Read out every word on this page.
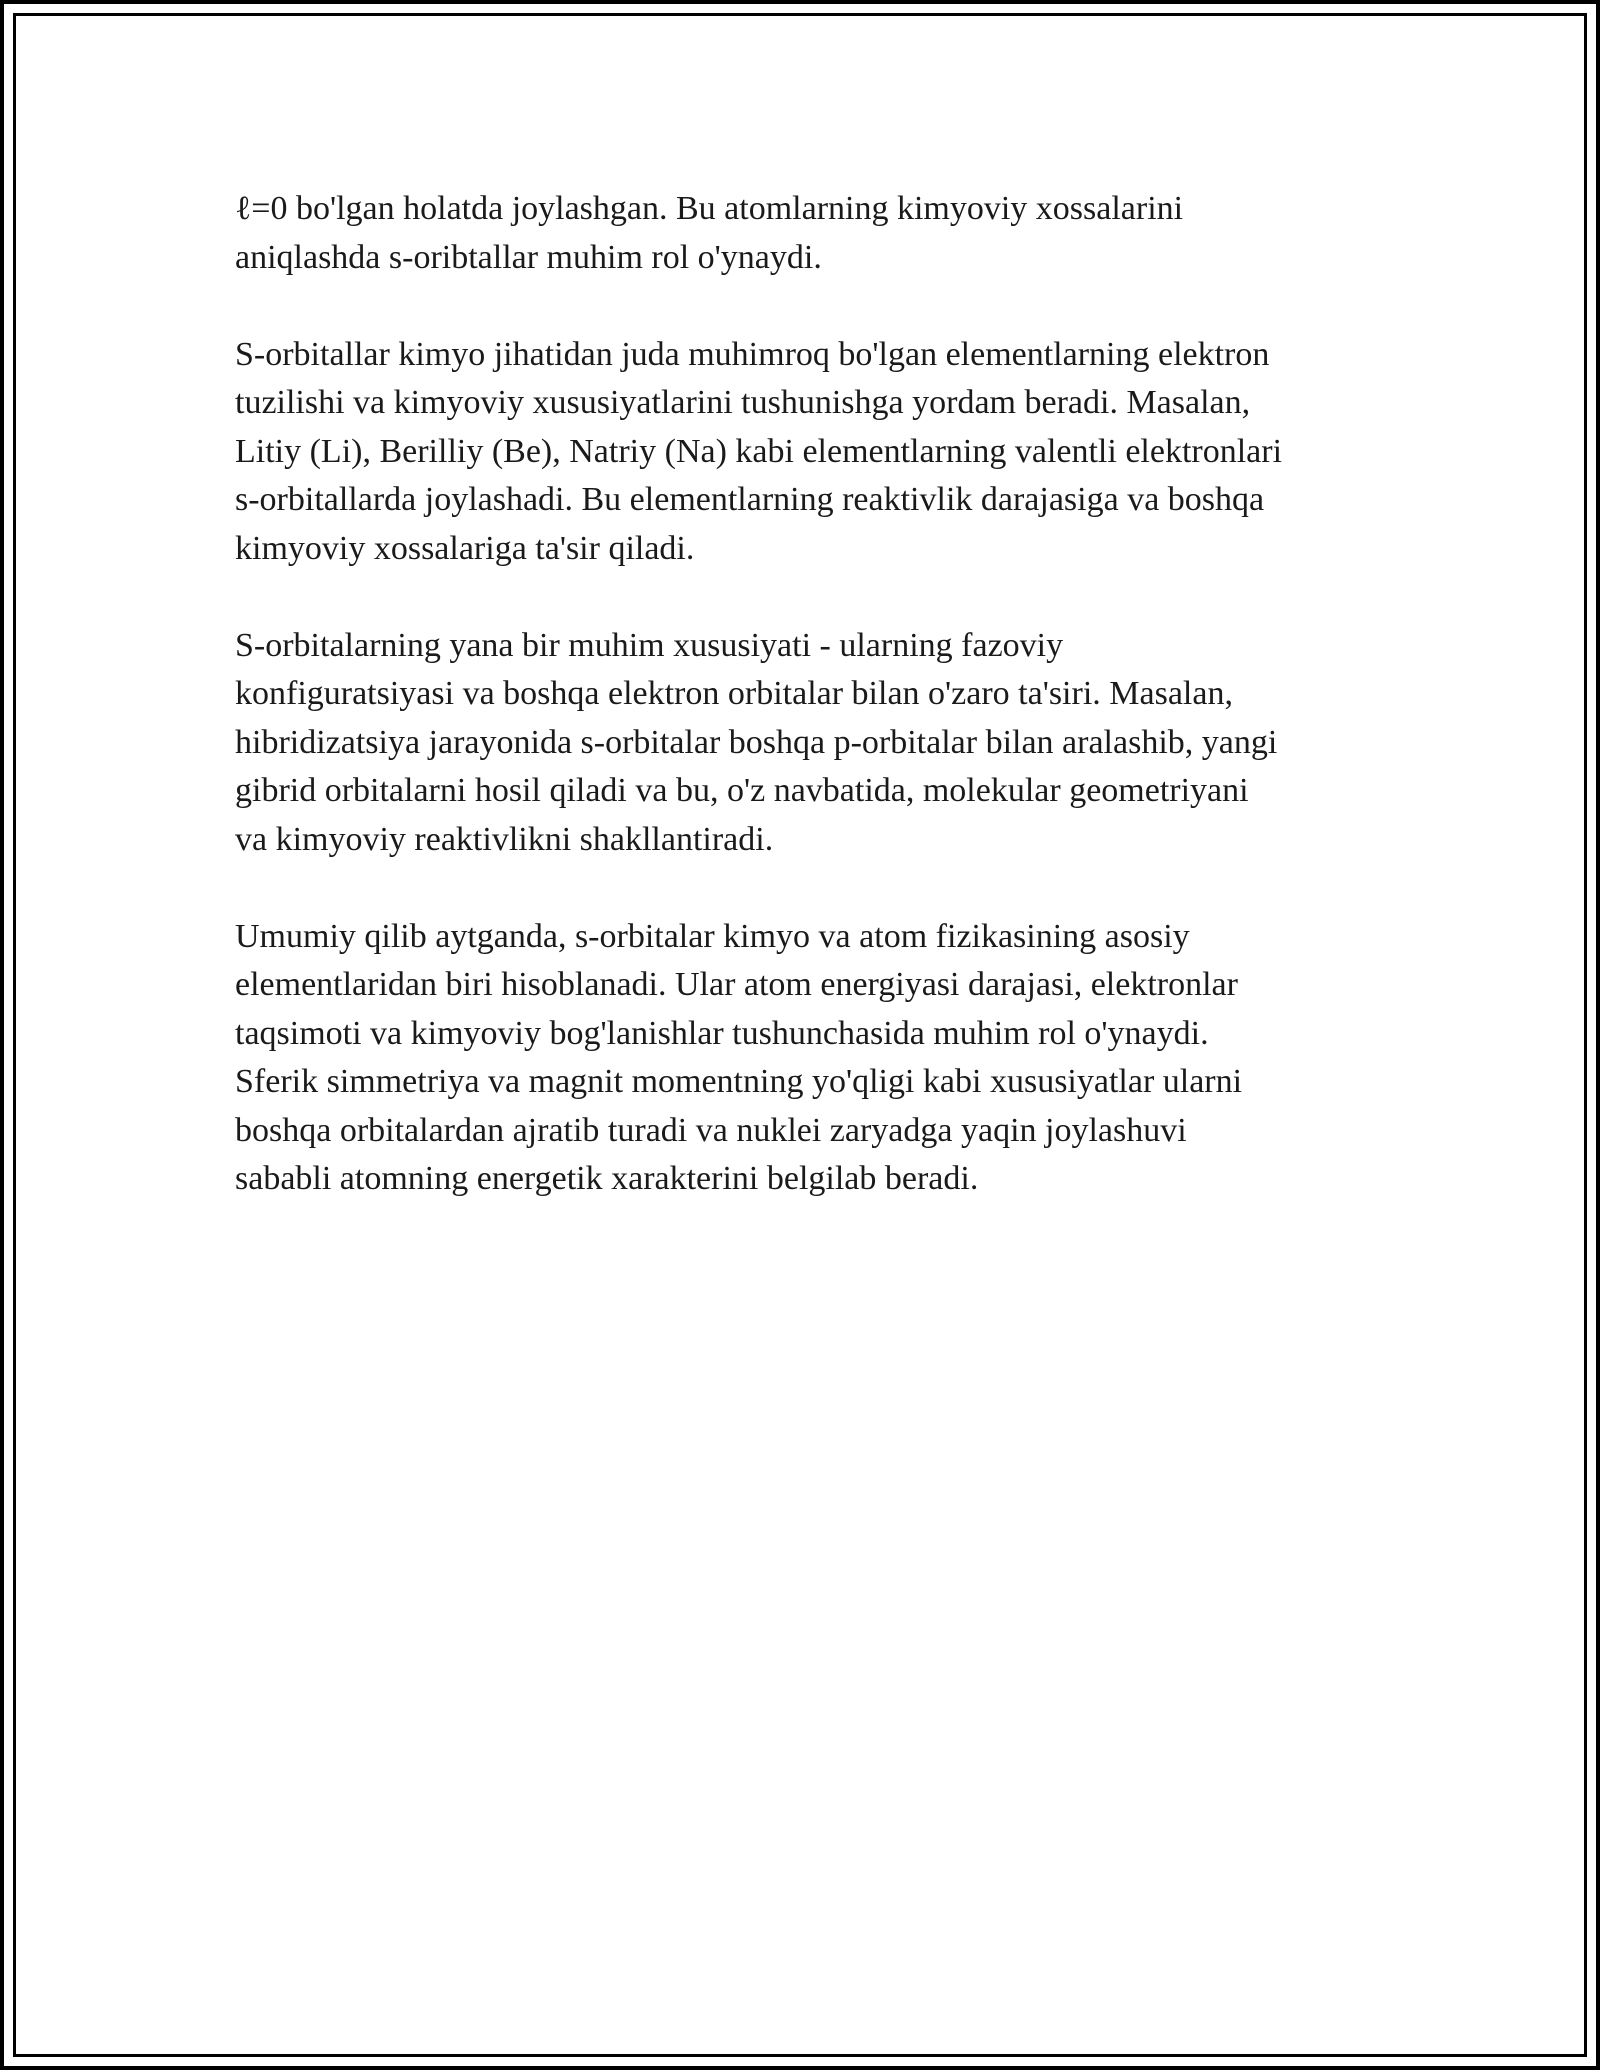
ℓ=0 bo'lgan holatda joylashgan. Bu atomlarning kimyoviy xossalarini
aniqlashda s-oribtallar muhim rol o'ynaydi.

S-orbitallar kimyo jihatidan juda muhimroq bo'lgan elementlarning elektron
tuzilishi va kimyoviy xususiyatlarini tushunishga yordam beradi. Masalan,
Litiy (Li), Berilliy (Be), Natriy (Na) kabi elementlarning valentli elektronlari
s-orbitallarda joylashadi. Bu elementlarning reaktivlik darajasiga va boshqa
kimyoviy xossalariga ta'sir qiladi.

S-orbitalarning yana bir muhim xususiyati - ularning fazoviy
konfiguratsiyasi va boshqa elektron orbitalar bilan o'zaro ta'siri. Masalan,
hibridizatsiya jarayonida s-orbitalar boshqa p-orbitalar bilan aralashib, yangi
gibrid orbitalarni hosil qiladi va bu, o'z navbatida, molekular geometriyani
va kimyoviy reaktivlikni shakllantiradi.

Umumiy qilib aytganda, s-orbitalar kimyo va atom fizikasining asosiy
elementlaridan biri hisoblanadi. Ular atom energiyasi darajasi, elektronlar
taqsimoti va kimyoviy bog'lanishlar tushunchasida muhim rol o'ynaydi.
Sferik simmetriya va magnit momentning yo'qligi kabi xususiyatlar ularni
boshqa orbitalardan ajratib turadi va nuklei zaryadga yaqin joylashuvi
sababli atomning energetik xarakterini belgilab beradi.
